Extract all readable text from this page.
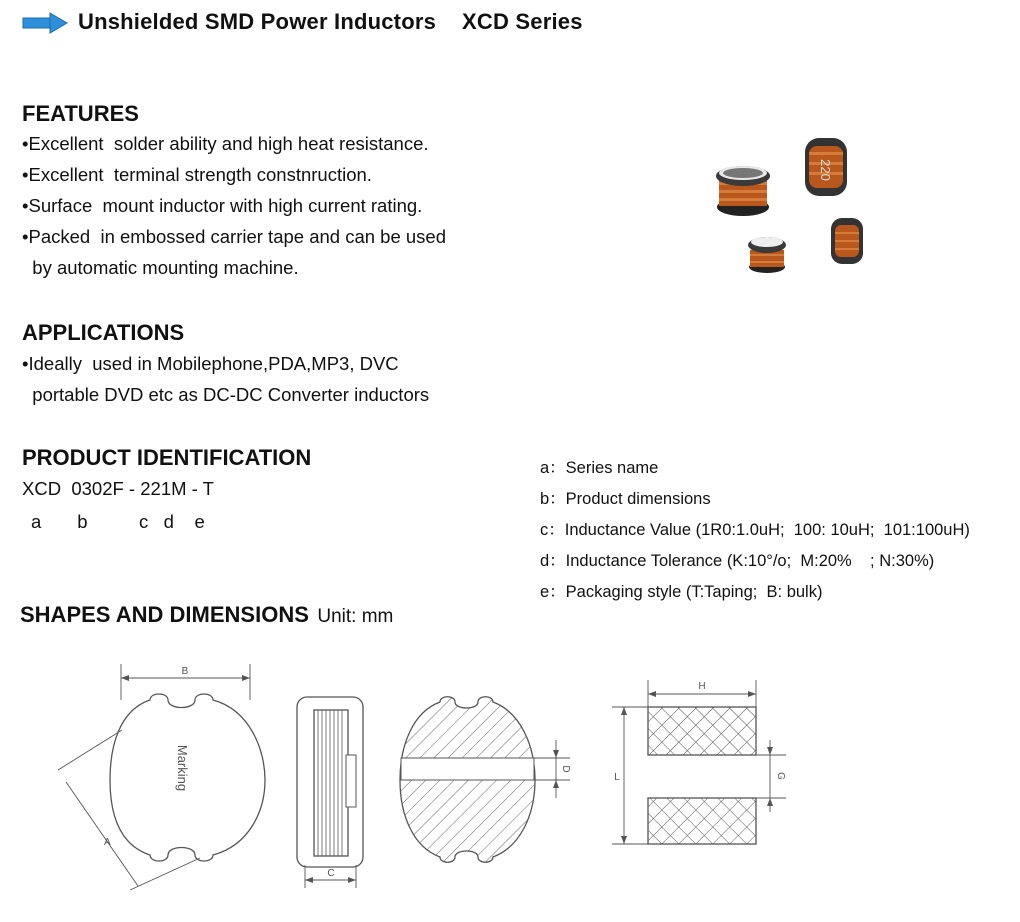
Unshielded SMD Power Inductors XCD Series
FEATURES
•Excellent  solder ability and high heat resistance.
•Excellent  terminal strength constnruction.
•Surface  mount inductor with high current rating.
•Packed  in embossed carrier tape and can be used
by automatic mounting machine.
220
APPLICATIONS
•Ideally  used in Mobilephone,PDA,MP3, DVC
portable DVD etc as DC-DC Converter inductors
PRODUCT IDENTIFICATION
XCD  0302F - 221M - T
a       b          c   d    e
a：Series name
b：Product dimensions
c：Inductance Value (1R0:1.0uH;  100: 10uH;  101:100uH)
d：Inductance Tolerance (K:10°/o;  M:20%    ; N:30%)
e：Packaging style (T:Taping;  B: bulk)
SHAPES AND DIMENSIONS Unit: mm
B
A
Marking
C
D
H
L	G
